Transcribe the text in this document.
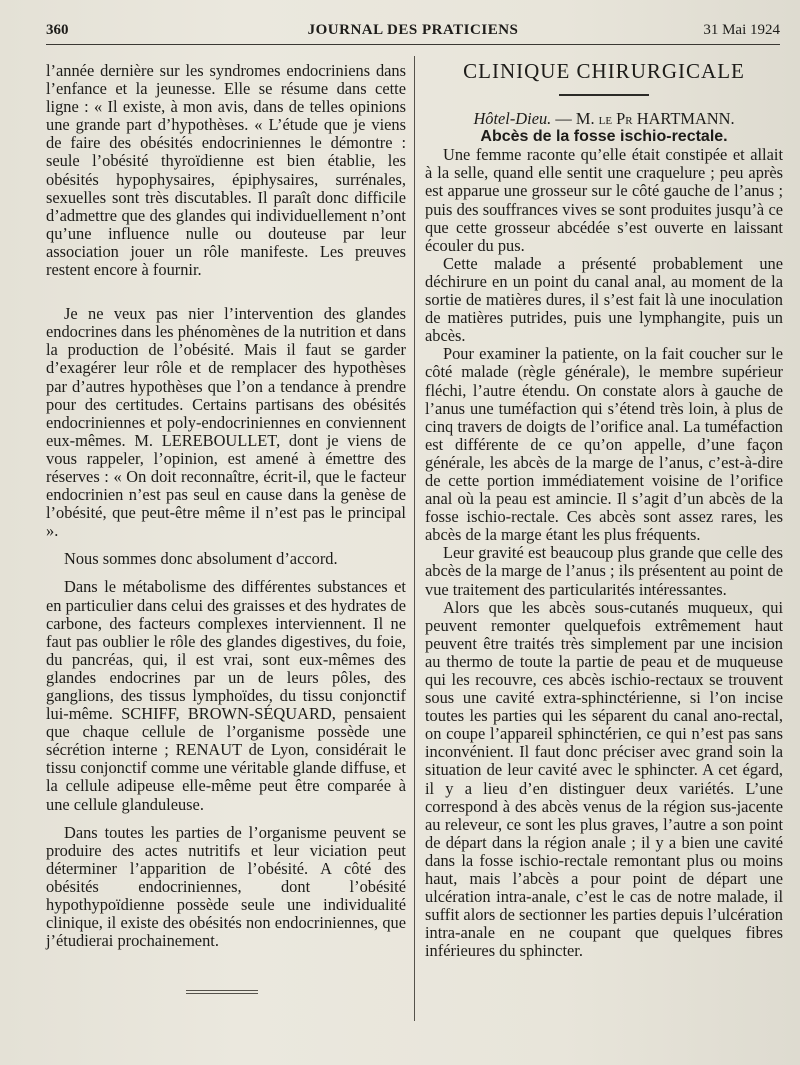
360	JOURNAL DES PRATICIENS	31 Mai 1924

l’année dernière sur les syndromes endocriniens dans l’enfance et la jeunesse. Elle se résume dans cette ligne : « Il existe, à mon avis, dans de telles opinions une grande part d’hypothèses. « L’étude que je viens de faire des obésités endocriniennes le démontre : seule l’obésité thyroïdienne est bien établie, les obésités hypophysaires, épiphysaires, surrénales, sexuelles sont très discutables. Il paraît donc difficile d’admettre que des glandes qui individuellement n’ont qu’une influence nulle ou douteuse par leur association jouer un rôle manifeste. Les preuves restent encore à fournir.

Je ne veux pas nier l’intervention des glandes endocrines dans les phénomènes de la nutrition et dans la production de l’obésité. Mais il faut se garder d’exagérer leur rôle et de remplacer des hypothèses par d’autres hypothèses que l’on a tendance à prendre pour des certitudes. Certains partisans des obésités endocriniennes et poly-endocriniennes en conviennent eux-mêmes. M. LEREBOULLET, dont je viens de vous rappeler, l’opinion, est amené à émettre des réserves : « On doit reconnaître, écrit-il, que le facteur endocrinien n’est pas seul en cause dans la genèse de l’obésité, que peut-être même il n’est pas le principal ».

Nous sommes donc absolument d’accord.

Dans le métabolisme des différentes substances et en particulier dans celui des graisses et des hydrates de carbone, des facteurs complexes interviennent. Il ne faut pas oublier le rôle des glandes digestives, du foie, du pancréas, qui, il est vrai, sont eux-mêmes des glandes endocrines par un de leurs pôles, des ganglions, des tissus lymphoïdes, du tissu conjonctif lui-même. SCHIFF, BROWN-SÉQUARD, pensaient que chaque cellule de l’organisme possède une sécrétion interne ; RENAUT de Lyon, considérait le tissu conjonctif comme une véritable glande diffuse, et la cellule adipeuse elle-même peut être comparée à une cellule glanduleuse.

Dans toutes les parties de l’organisme peuvent se produire des actes nutritifs et leur viciation peut déterminer l’apparition de l’obésité. A côté des obésités endocriniennes, dont l’obésité hypothypoïdienne possède seule une individualité clinique, il existe des obésités non endocriniennes, que j’étudierai prochainement.

CLINIQUE CHIRURGICALE

Hôtel-Dieu. — M. le Pr HARTMANN.

Abcès de la fosse ischio-rectale.

Une femme raconte qu’elle était constipée et allait à la selle, quand elle sentit une craquelure ; peu après est apparue une grosseur sur le côté gauche de l’anus ; puis des souffrances vives se sont produites jusqu’à ce que cette grosseur abcédée s’est ouverte en laissant écouler du pus.

Cette malade a présenté probablement une déchirure en un point du canal anal, au moment de la sortie de matières dures, il s’est fait là une inoculation de matières putrides, puis une lymphangite, puis un abcès.

Pour examiner la patiente, on la fait coucher sur le côté malade (règle générale), le membre supérieur fléchi, l’autre étendu. On constate alors à gauche de l’anus une tuméfaction qui s’étend très loin, à plus de cinq travers de doigts de l’orifice anal. La tuméfaction est différente de ce qu’on appelle, d’une façon générale, les abcès de la marge de l’anus, c’est-à-dire de cette portion immédiatement voisine de l’orifice anal où la peau est amincie. Il s’agit d’un abcès de la fosse ischio-rectale. Ces abcès sont assez rares, les abcès de la marge étant les plus fréquents.

Leur gravité est beaucoup plus grande que celle des abcès de la marge de l’anus ; ils présentent au point de vue traitement des particularités intéressantes.

Alors que les abcès sous-cutanés muqueux, qui peuvent remonter quelquefois extrêmement haut peuvent être traités très simplement par une incision au thermo de toute la partie de peau et de muqueuse qui les recouvre, ces abcès ischio-rectaux se trouvent sous une cavité extra-sphinctérienne, si l’on incise toutes les parties qui les séparent du canal ano-rectal, on coupe l’appareil sphinctérien, ce qui n’est pas sans inconvénient. Il faut donc préciser avec grand soin la situation de leur cavité avec le sphincter. A cet égard, il y a lieu d’en distinguer deux variétés. L’une correspond à des abcès venus de la région sus-jacente au releveur, ce sont les plus graves, l’autre a son point de départ dans la région anale ; il y a bien une cavité dans la fosse ischio-rectale remontant plus ou moins haut, mais l’abcès a pour point de départ une ulcération intra-anale, c’est le cas de notre malade, il suffit alors de sectionner les parties depuis l’ulcération intra-anale en ne coupant que quelques fibres inférieures du sphincter.
